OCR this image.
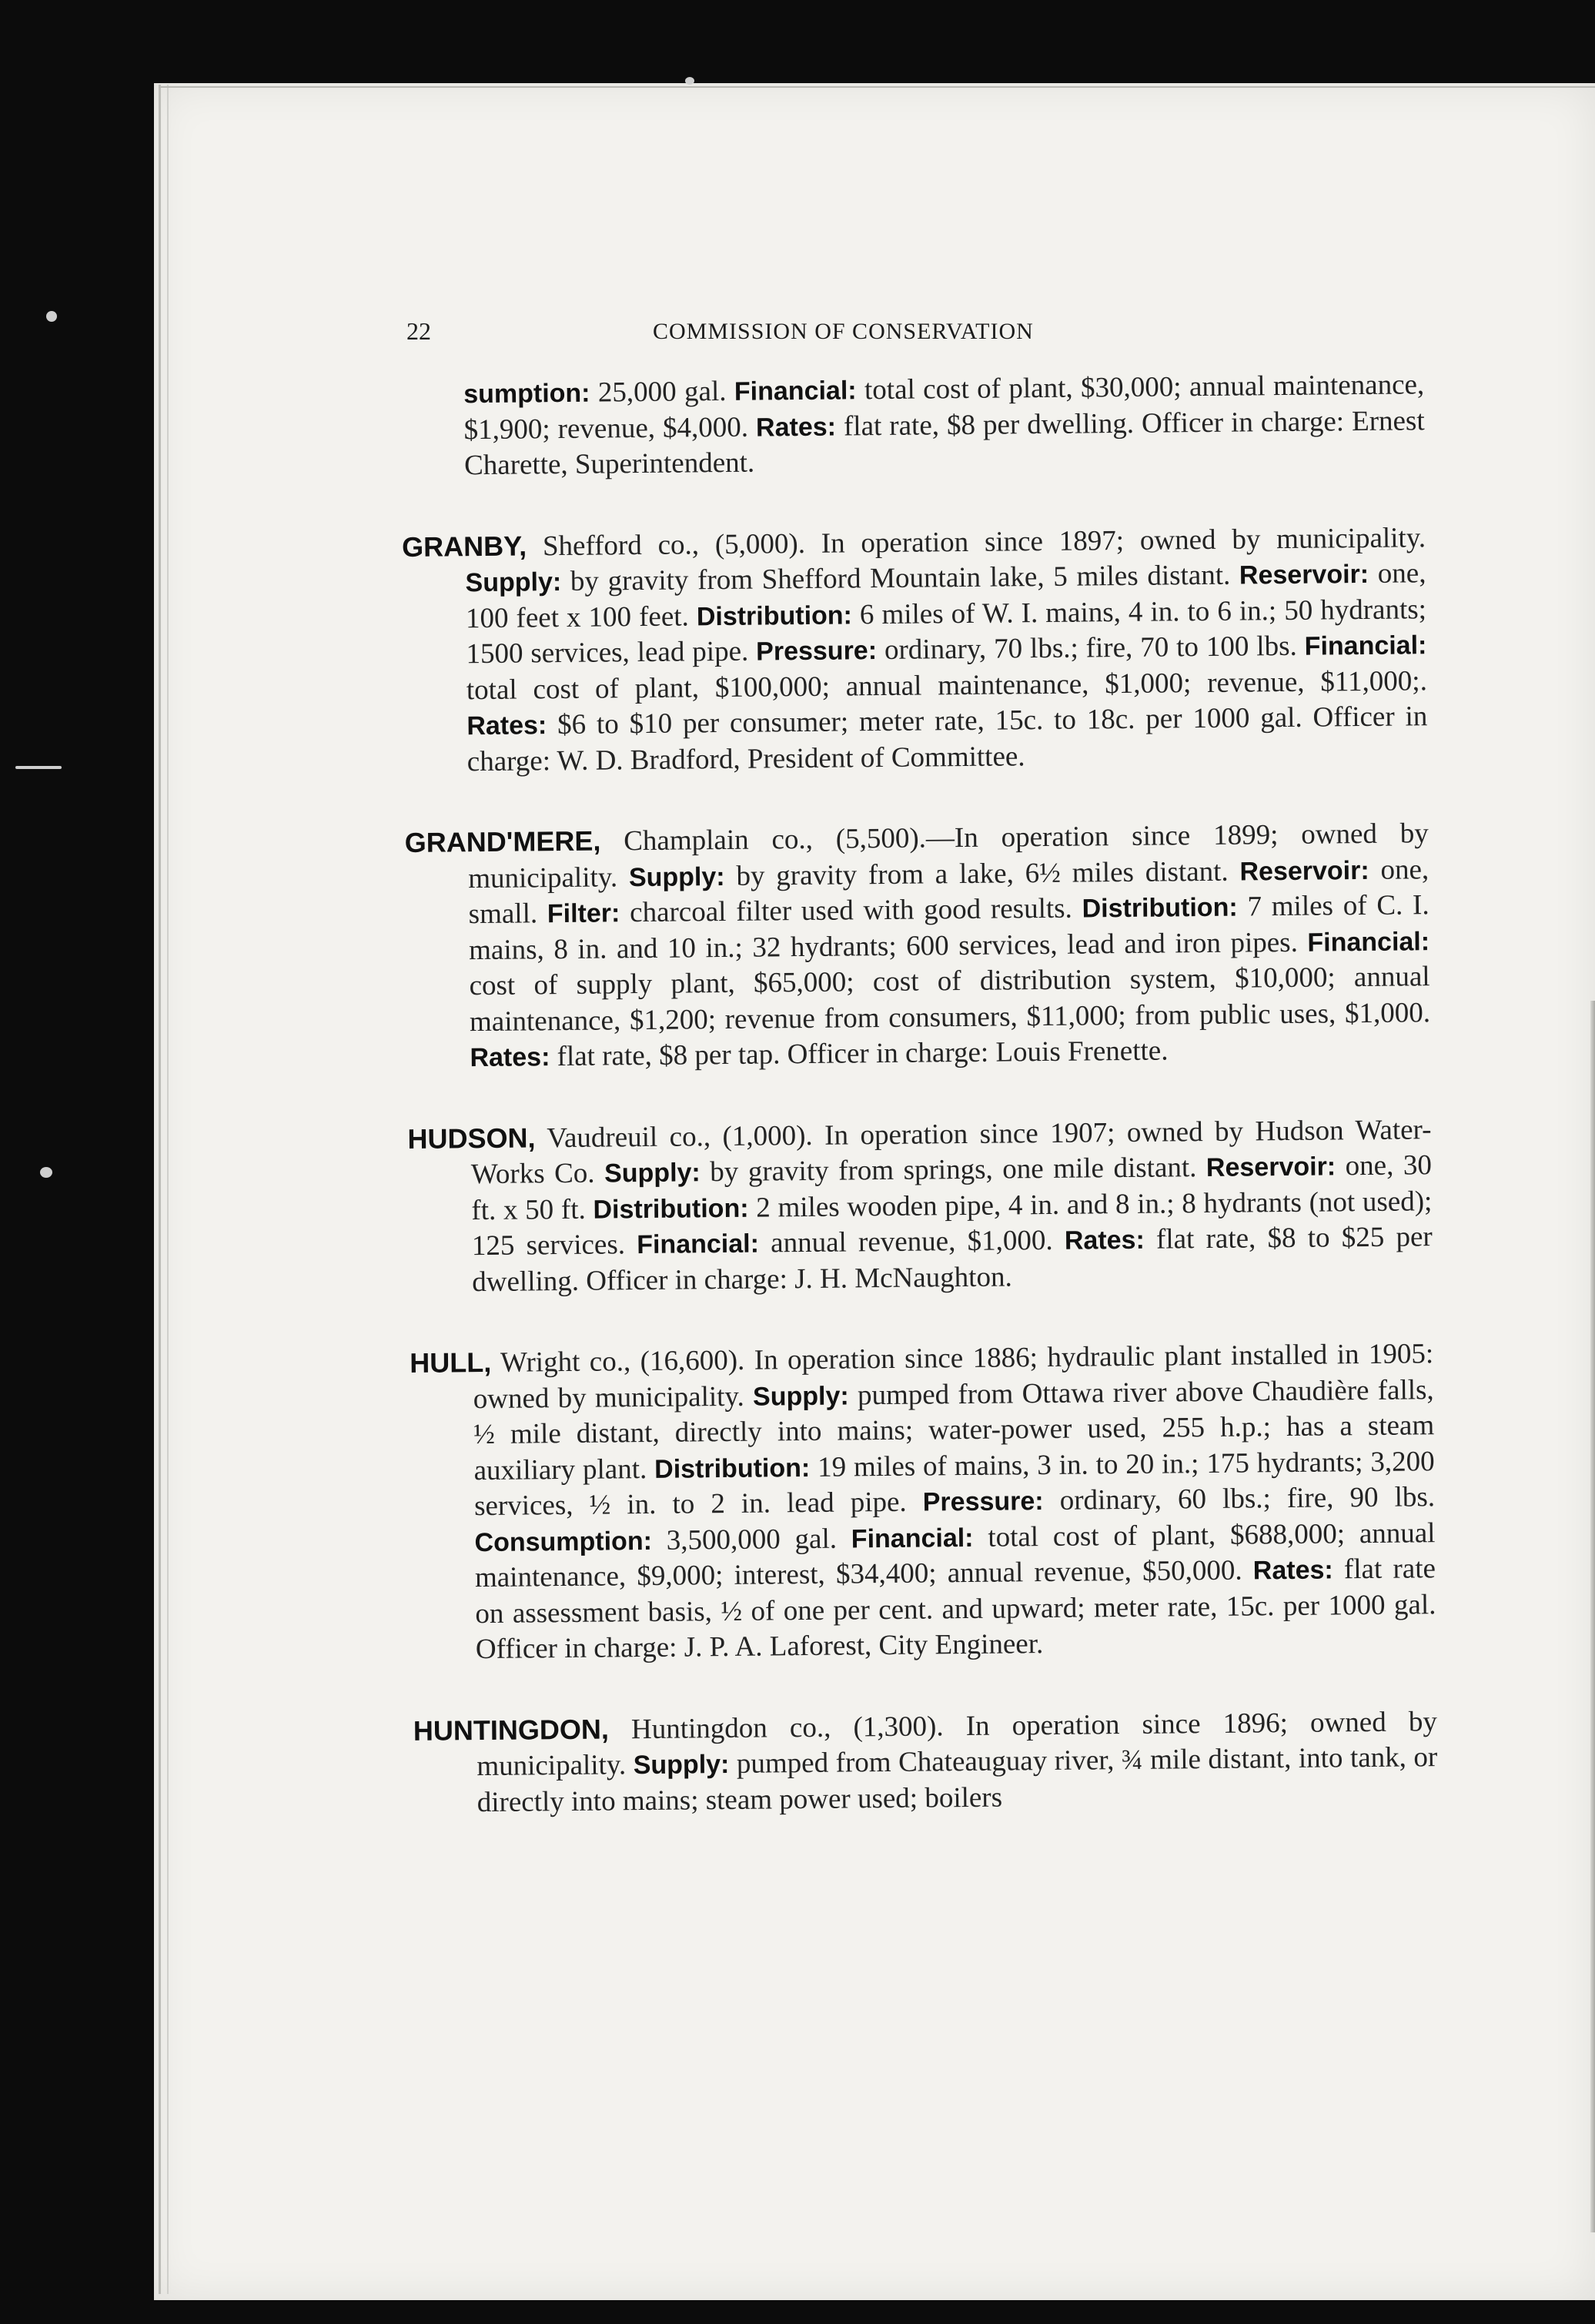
22	COMMISSION OF CONSERVATION

sumption: 25,000 gal. Financial: total cost of plant, $30,000; annual maintenance, $1,900; revenue, $4,000. Rates: flat rate, $8 per dwelling. Officer in charge: Ernest Charette, Superintendent.

GRANBY, Shefford co., (5,000). In operation since 1897; owned by municipality. Supply: by gravity from Shefford Mountain lake, 5 miles distant. Reservoir: one, 100 feet x 100 feet. Distribution: 6 miles of W. I. mains, 4 in. to 6 in.; 50 hydrants; 1500 services, lead pipe. Pressure: ordinary, 70 lbs.; fire, 70 to 100 lbs. Financial: total cost of plant, $100,000; annual maintenance, $1,000; revenue, $11,000;. Rates: $6 to $10 per consumer; meter rate, 15c. to 18c. per 1000 gal. Officer in charge: W. D. Bradford, President of Committee.

GRAND'MERE, Champlain co., (5,500).—In operation since 1899; owned by municipality. Supply: by gravity from a lake, 6½ miles distant. Reservoir: one, small. Filter: charcoal filter used with good results. Distribution: 7 miles of C. I. mains, 8 in. and 10 in.; 32 hydrants; 600 services, lead and iron pipes. Financial: cost of supply plant, $65,000; cost of distribution system, $10,000; annual maintenance, $1,200; revenue from consumers, $11,000; from public uses, $1,000. Rates: flat rate, $8 per tap. Officer in charge: Louis Frenette.

HUDSON, Vaudreuil co., (1,000). In operation since 1907; owned by Hudson Water-Works Co. Supply: by gravity from springs, one mile distant. Reservoir: one, 30 ft. x 50 ft. Distribution: 2 miles wooden pipe, 4 in. and 8 in.; 8 hydrants (not used); 125 services. Financial: annual revenue, $1,000. Rates: flat rate, $8 to $25 per dwelling. Officer in charge: J. H. McNaughton.

HULL, Wright co., (16,600). In operation since 1886; hydraulic plant installed in 1905: owned by municipality. Supply: pumped from Ottawa river above Chaudière falls, ½ mile distant, directly into mains; water-power used, 255 h.p.; has a steam auxiliary plant. Distribution: 19 miles of mains, 3 in. to 20 in.; 175 hydrants; 3,200 services, ½ in. to 2 in. lead pipe. Pressure: ordinary, 60 lbs.; fire, 90 lbs. Consumption: 3,500,000 gal. Financial: total cost of plant, $688,000; annual maintenance, $9,000; interest, $34,400; annual revenue, $50,000. Rates: flat rate on assessment basis, ½ of one per cent. and upward; meter rate, 15c. per 1000 gal. Officer in charge: J. P. A. Laforest, City Engineer.

HUNTINGDON, Huntingdon co., (1,300). In operation since 1896; owned by municipality. Supply: pumped from Chateauguay river, ¾ mile distant, into tank, or directly into mains; steam power used; boilers
